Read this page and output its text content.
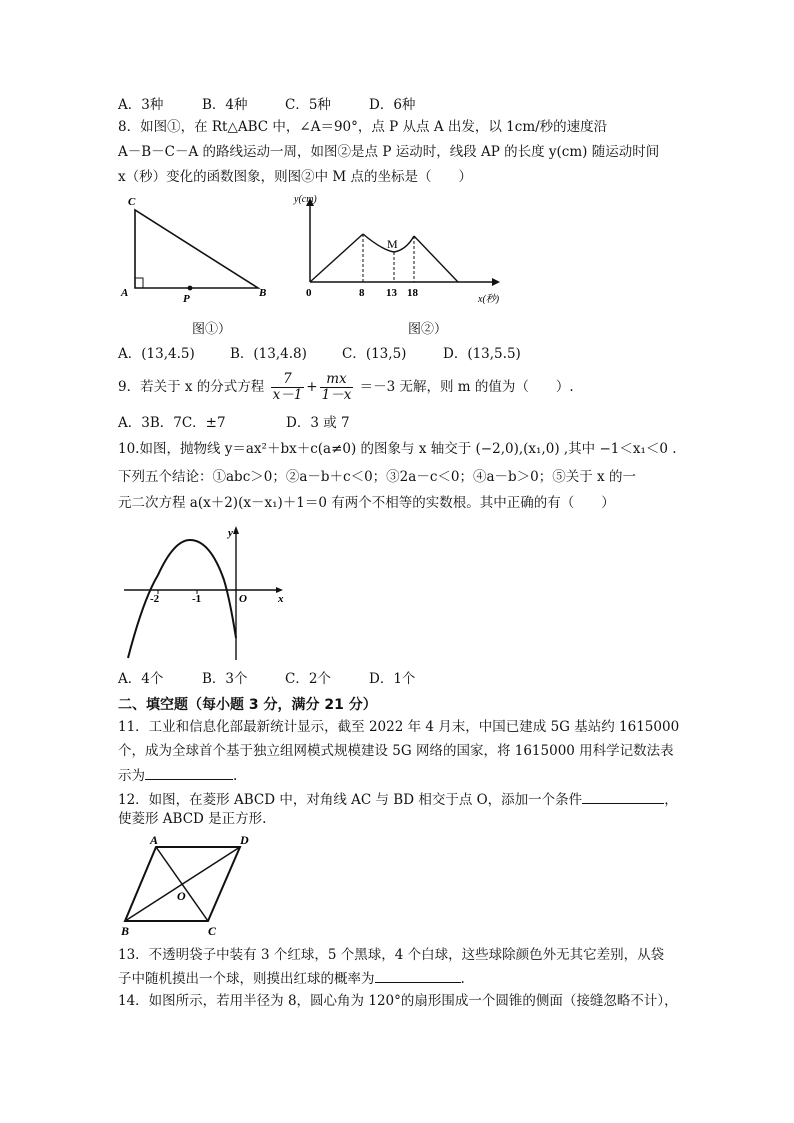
A．3种	B．4种	C．5种	D．6种
8．如图①，在 Rt△ABC 中，∠A＝90°，点 P 从点 A 出发，以 1cm/秒的速度沿
A－B－C－A 的路线运动一周，如图②是点 P 运动时，线段 AP 的长度 y(cm) 随运动时间
x（秒）变化的函数图象，则图②中 M 点的坐标是（　　）
C
A	P	B
图①）
y(cm)
x(秒)
0	8 13 18
M
图②）
A．(13,4.5)	B．(13,4.8)	C．(13,5)	D．(13,5.5)
9．若关于 x 的分式方程 $\frac{7}{x-1} + \frac{mx}{1-x} =-3$ 无解，则 m 的值为（　　）.
A．3B．7C．±7	D．3 或 7
10.如图，抛物线 y＝ax²＋bx＋c(a≠0) 的图象与 x 轴交于 (−2,0),(x₁,0) ,其中 −1＜x₁＜0 .
下列五个结论：①abc＞0；②a－b＋c＜0；③2a－c＜0；④a－b＞0；⑤关于 x 的一
元二次方程 a(x＋2)(x－x₁)＋1＝0 有两个不相等的实数根。其中正确的有（　　）
-2	-1	O
y
x
A．4个	B．3个	C．2个	D．1个
二、填空题（每小题 3 分，满分 21 分）
11．工业和信息化部最新统计显示，截至 2022 年 4 月末，中国已建成 5G 基站约 1615000
个，成为全球首个基于独立组网模式规模建设 5G 网络的国家，将 1615000 用科学记数法表
示为	.
12．如图，在菱形 ABCD 中，对角线 AC 与 BD 相交于点 O，添加一个条件	，
使菱形 ABCD 是正方形.
A	D
O
B	C
13．不透明袋子中装有 3 个红球，5 个黑球，4 个白球，这些球除颜色外无其它差别，从袋
子中随机摸出一个球，则摸出红球的概率为	.
14．如图所示，若用半径为 8，圆心角为 120°的扇形围成一个圆锥的侧面（接缝忽略不计），
